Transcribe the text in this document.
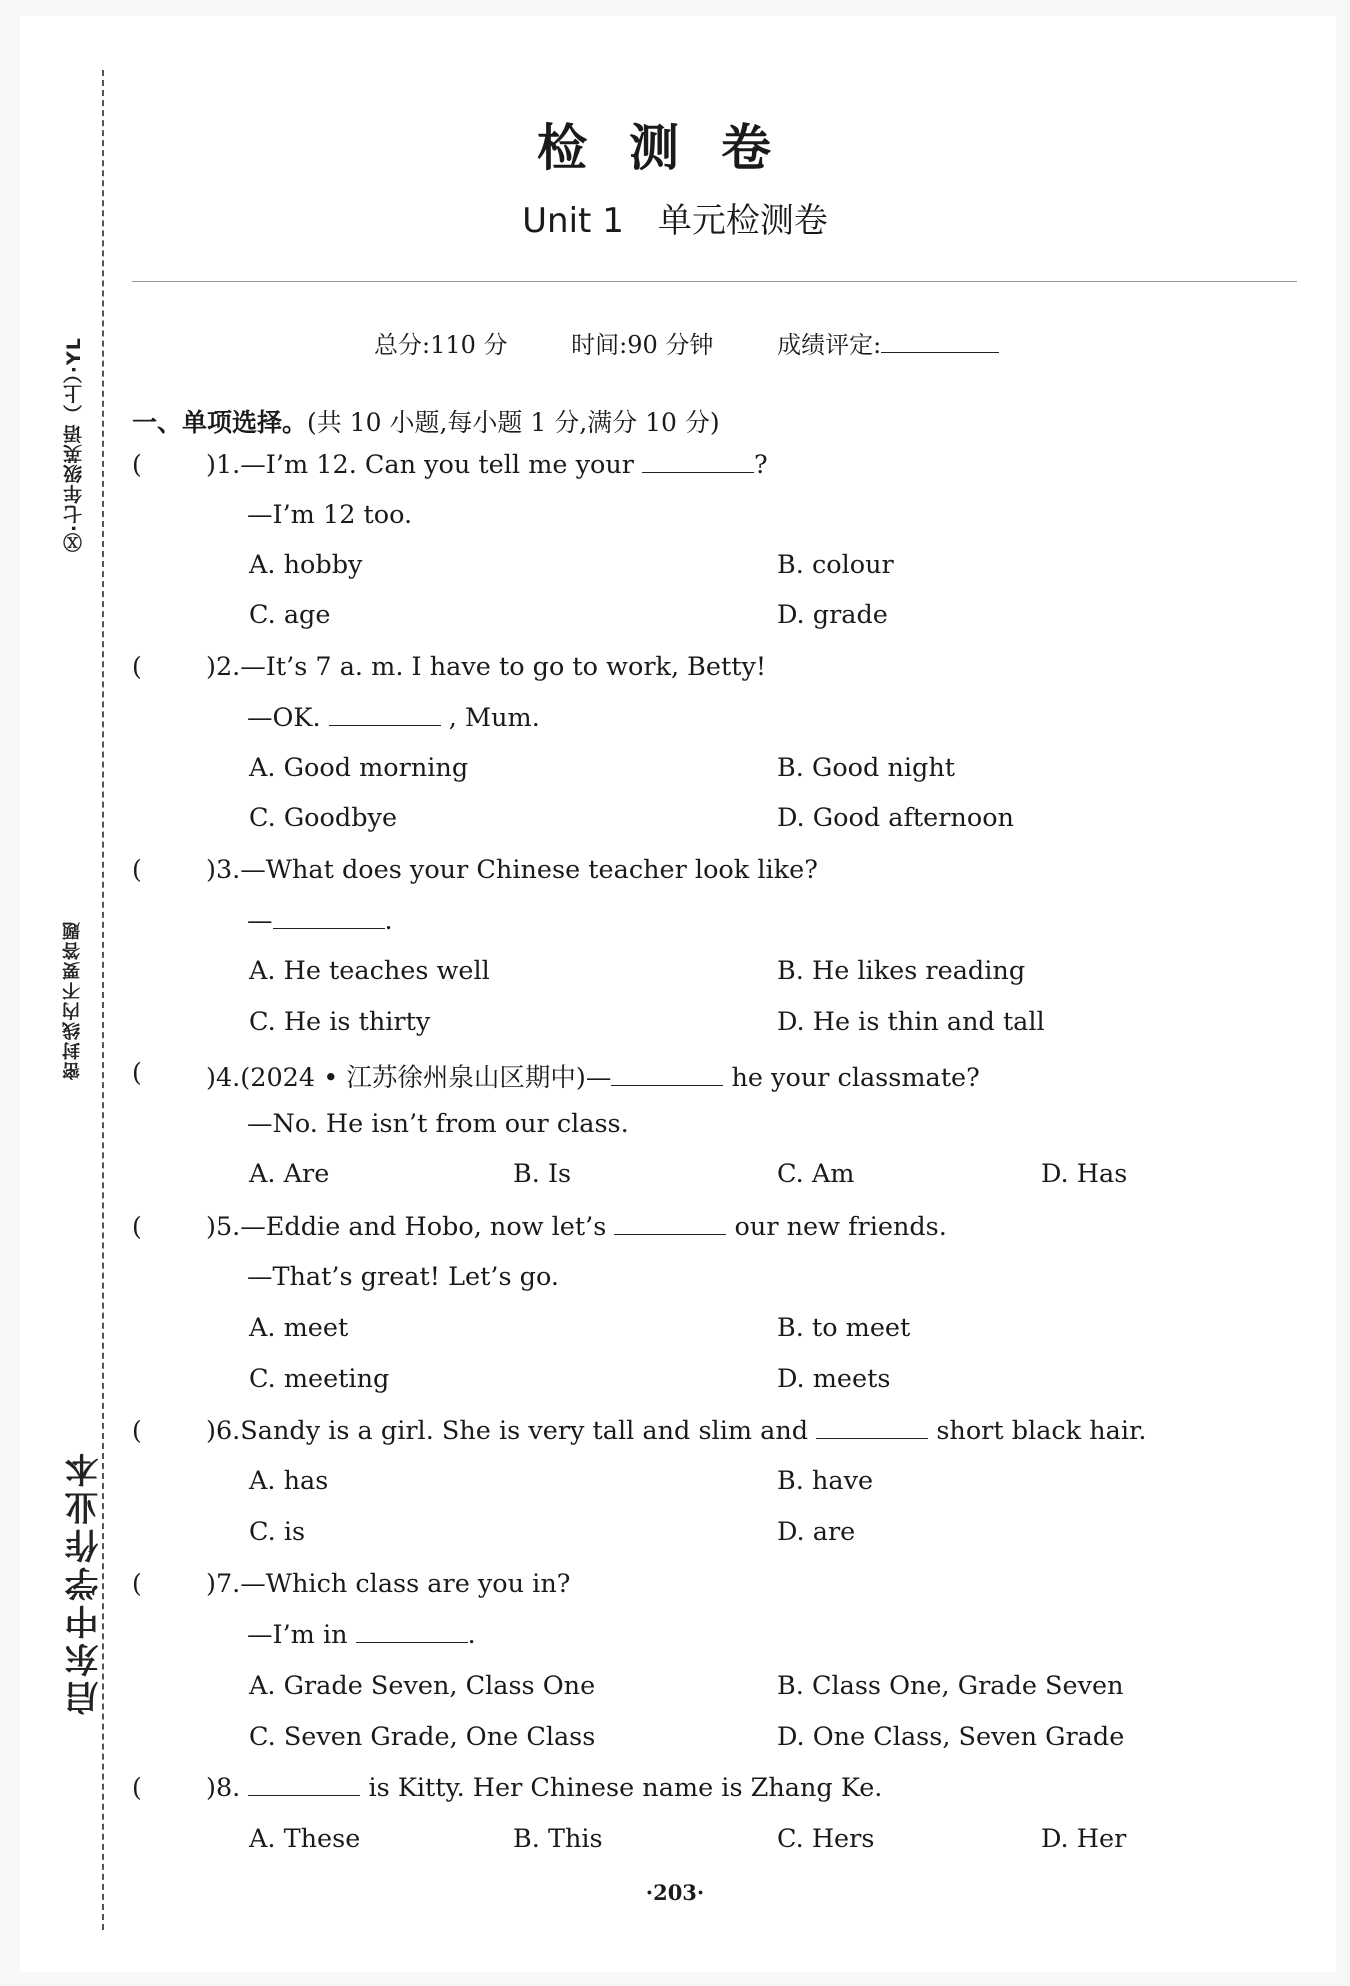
Ⓧ·七年级英语（上）·YL
密封线内不要答题
启东中学作业本
检测卷
Unit 1　单元检测卷
总分:110 分	时间:90 分钟	成绩评定:
一、单项选择。(共 10 小题,每小题 1 分,满分 10 分)
(	)1.—I’m 12. Can you tell me your	?
—I’m 12 too.
A. hobby	B. colour
C. age	D. grade
(	)2.—It’s 7 a. m. I have to go to work, Betty!
—OK.	, Mum.
A. Good morning	B. Good night
C. Goodbye	D. Good afternoon
(	)3.—What does your Chinese teacher look like?
—	.
A. He teaches well	B. He likes reading
C. He is thirty	D. He is thin and tall
(	)4.(2024 • 江苏徐州泉山区期中)—	he your classmate?
—No. He isn’t from our class.
A. Are	B. Is	C. Am	D. Has
(	)5.—Eddie and Hobo, now let’s	our new friends.
—That’s great! Let’s go.
A. meet	B. to meet
C. meeting	D. meets
(	)6.Sandy is a girl. She is very tall and slim and	short black hair.
A. has	B. have
C. is	D. are
(	)7.—Which class are you in?
—I’m in	.
A. Grade Seven, Class One	B. Class One, Grade Seven
C. Seven Grade, One Class	D. One Class, Seven Grade
(	)8.	is Kitty. Her Chinese name is Zhang Ke.
A. These	B. This	C. Hers	D. Her
·203·
